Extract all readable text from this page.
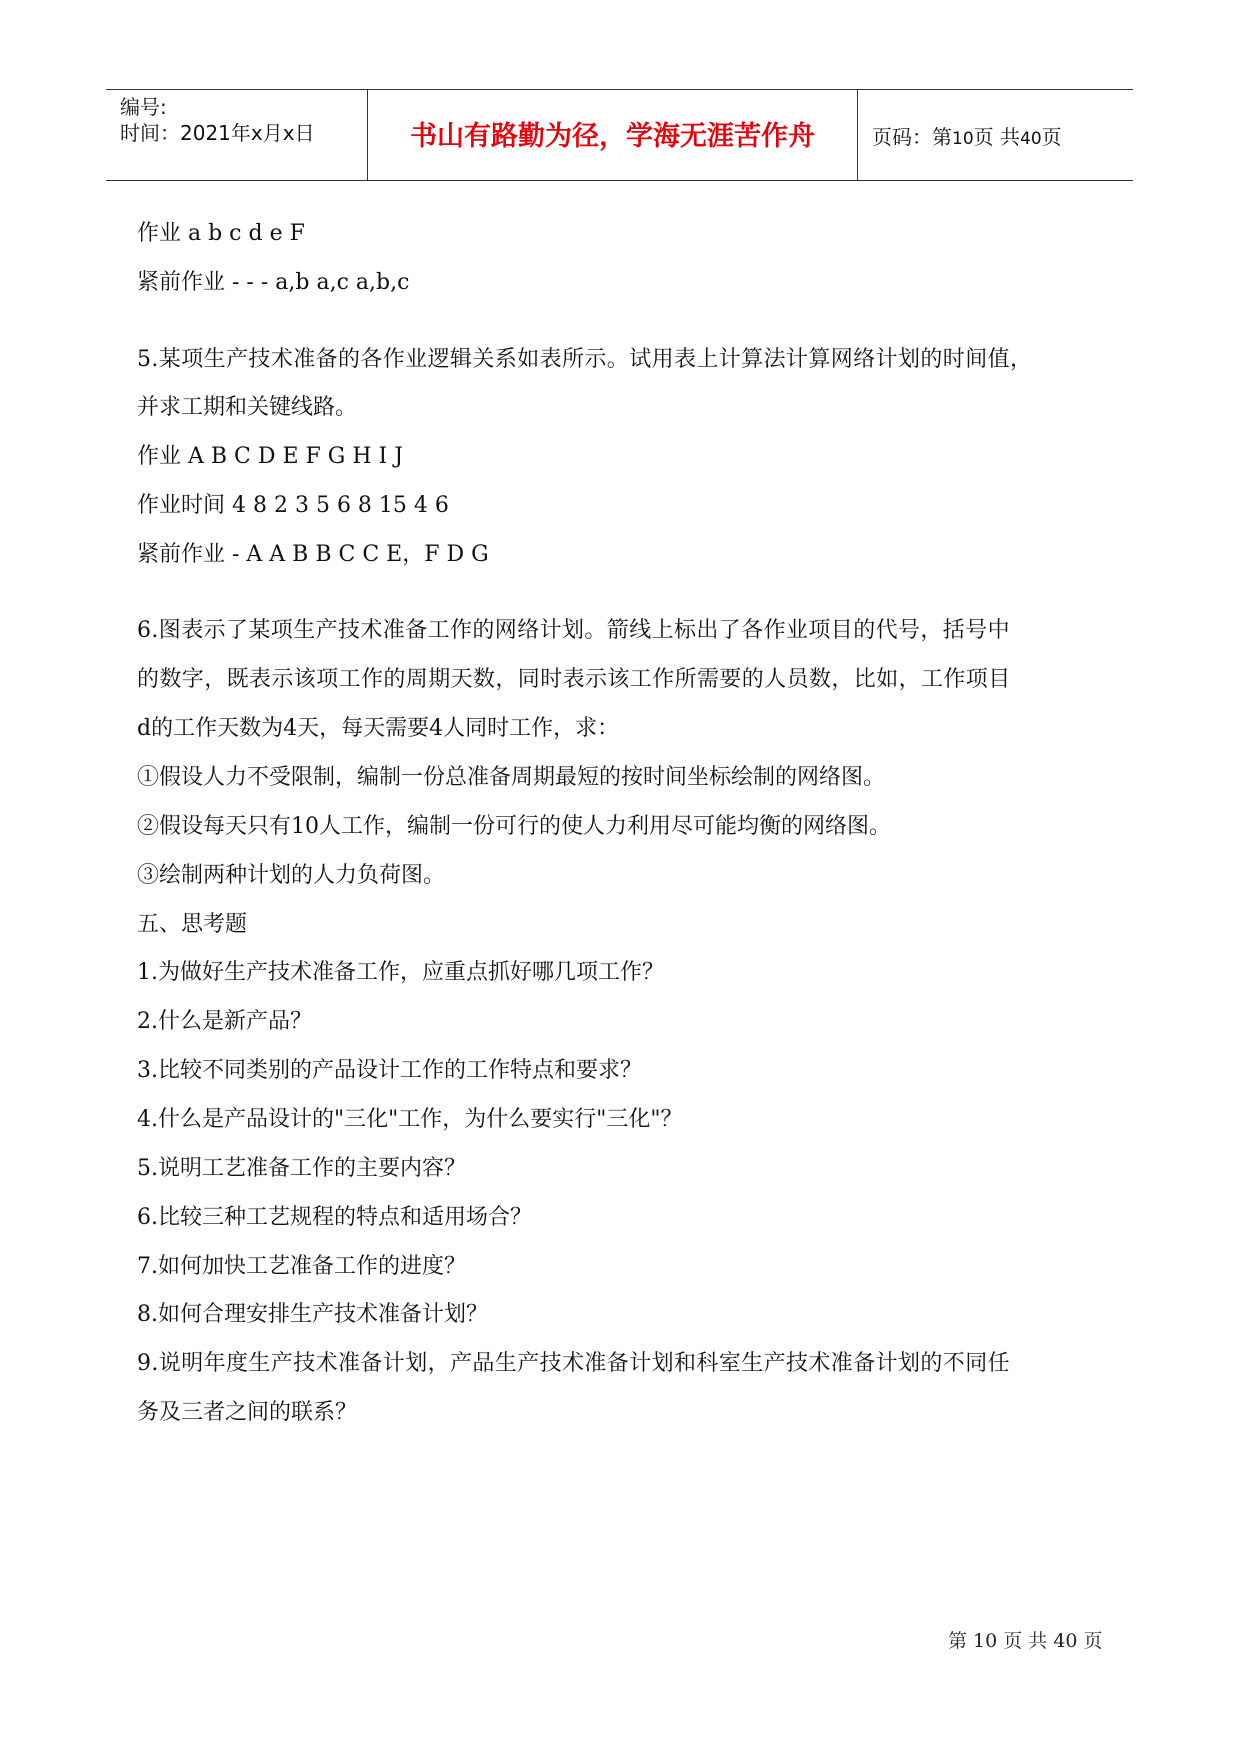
编号:
时间：2021年x月x日	书山有路勤为径，学海无涯苦作舟	页码：第10页 共40页
作业 a b c d e F
紧前作业 - - - a,b a,c a,b,c
5.某项生产技术准备的各作业逻辑关系如表所示。试用表上计算法计算网络计划的时间值，
并求工期和关键线路。
作业 A B C D E F G H I J
作业时间 4 8 2 3 5 6 8 15 4 6
紧前作业 - A A B B C C E，F D G
6.图表示了某项生产技术准备工作的网络计划。箭线上标出了各作业项目的代号，括号中
的数字，既表示该项工作的周期天数，同时表示该工作所需要的人员数，比如，工作项目
d的工作天数为4天，每天需要4人同时工作，求：
①假设人力不受限制，编制一份总准备周期最短的按时间坐标绘制的网络图。
②假设每天只有10人工作，编制一份可行的使人力利用尽可能均衡的网络图。
③绘制两种计划的人力负荷图。
五、思考题
1.为做好生产技术准备工作，应重点抓好哪几项工作？
2.什么是新产品？
3.比较不同类别的产品设计工作的工作特点和要求？
4.什么是产品设计的"三化"工作，为什么要实行"三化"？
5.说明工艺准备工作的主要内容？
6.比较三种工艺规程的特点和适用场合？
7.如何加快工艺准备工作的进度？
8.如何合理安排生产技术准备计划？
9.说明年度生产技术准备计划，产品生产技术准备计划和科室生产技术准备计划的不同任
务及三者之间的联系？
第 10 页 共 40 页
